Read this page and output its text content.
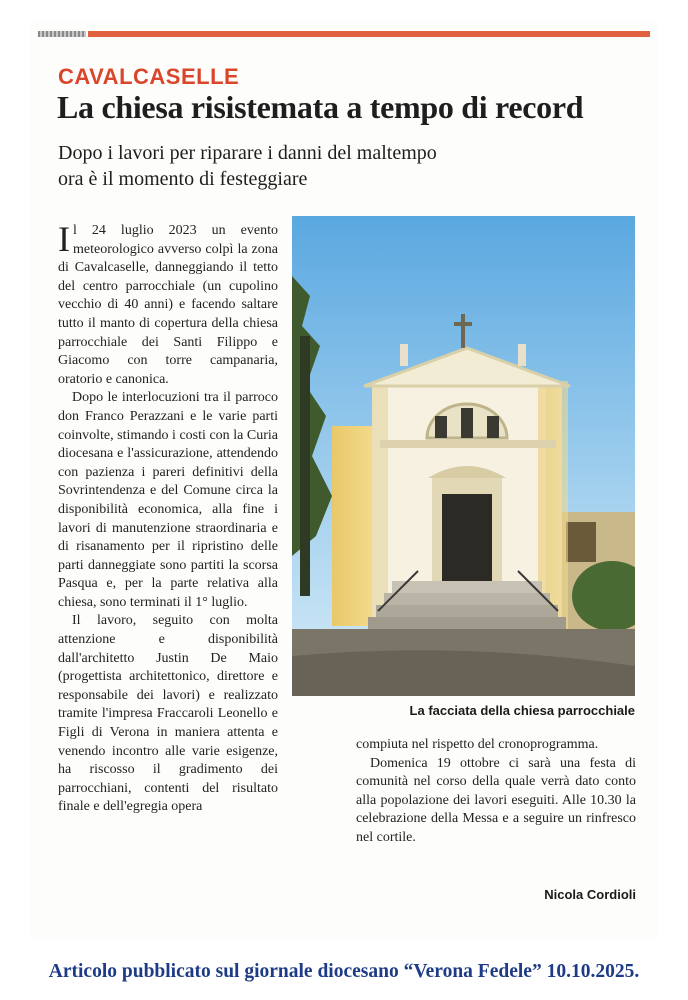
CAVALCASELLE
La chiesa risistemata a tempo di record
Dopo i lavori per riparare i danni del maltempo
ora è il momento di festeggiare

Il 24 luglio 2023 un evento meteorologico avverso colpì la zona di Cavalcaselle, danneggiando il tetto del centro parrocchiale (un cupolino vecchio di 40 anni) e facendo saltare tutto il manto di copertura della chiesa parrocchiale dei Santi Filippo e Giacomo con torre campanaria, oratorio e canonica.

Dopo le interlocuzioni tra il parroco don Franco Perazzani e le varie parti coinvolte, stimando i costi con la Curia diocesana e l'assicurazione, attendendo con pazienza i pareri definitivi della Sovrintendenza e del Comune circa la disponibilità economica, alla fine i lavori di manutenzione straordinaria e di risanamento per il ripristino delle parti danneggiate sono partiti la scorsa Pasqua e, per la parte relativa alla chiesa, sono terminati il 1° luglio.

Il lavoro, seguito con molta attenzione e disponibilità dall'architetto Justin De Maio (progettista architettonico, direttore e responsabile dei lavori) e realizzato tramite l'impresa Fraccaroli Leonello e Figli di Verona in maniera attenta e venendo incontro alle varie esigenze, ha riscosso il gradimento dei parrocchiani, contenti del risultato finale e dell'egregia opera

La facciata della chiesa parrocchiale

compiuta nel rispetto del cronoprogramma.

Domenica 19 ottobre ci sarà una festa di comunità nel corso della quale verrà dato conto alla popolazione dei lavori eseguiti. Alle 10.30 la celebrazione della Messa e a seguire un rinfresco nel cortile.

Nicola Cordioli
Articolo pubblicato sul giornale diocesano “Verona Fedele” 10.10.2025.
